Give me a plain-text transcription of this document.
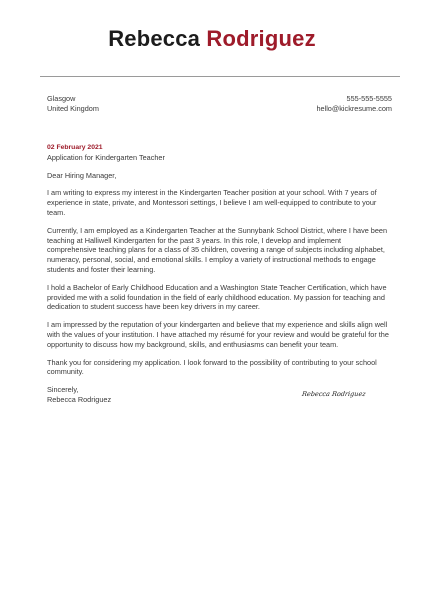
Rebecca Rodriguez
Glasgow
United Kingdom
555-555-5555
hello@kickresume.com
02 February 2021
Application for Kindergarten Teacher
Dear Hiring Manager,
I am writing to express my interest in the Kindergarten Teacher position at your school. With 7 years of experience in state, private, and Montessori settings, I believe I am well-equipped to contribute to your team.
Currently, I am employed as a Kindergarten Teacher at the Sunnybank School District, where I have been teaching at Halliwell Kindergarten for the past 3 years. In this role, I develop and implement comprehensive teaching plans for a class of 35 children, covering a range of subjects including alphabet, numeracy, personal, social, and emotional skills. I employ a variety of instructional methods to engage students and foster their learning.
I hold a Bachelor of Early Childhood Education and a Washington State Teacher Certification, which have provided me with a solid foundation in the field of early childhood education. My passion for teaching and dedication to student success have been key drivers in my career.
I am impressed by the reputation of your kindergarten and believe that my experience and skills align well with the values of your institution. I have attached my résumé for your review and would be grateful for the opportunity to discuss how my background, skills, and enthusiasms can benefit your team.
Thank you for considering my application. I look forward to the possibility of contributing to your school community.
Sincerely,
Rebecca Rodriguez
Rebecca Rodriguez
